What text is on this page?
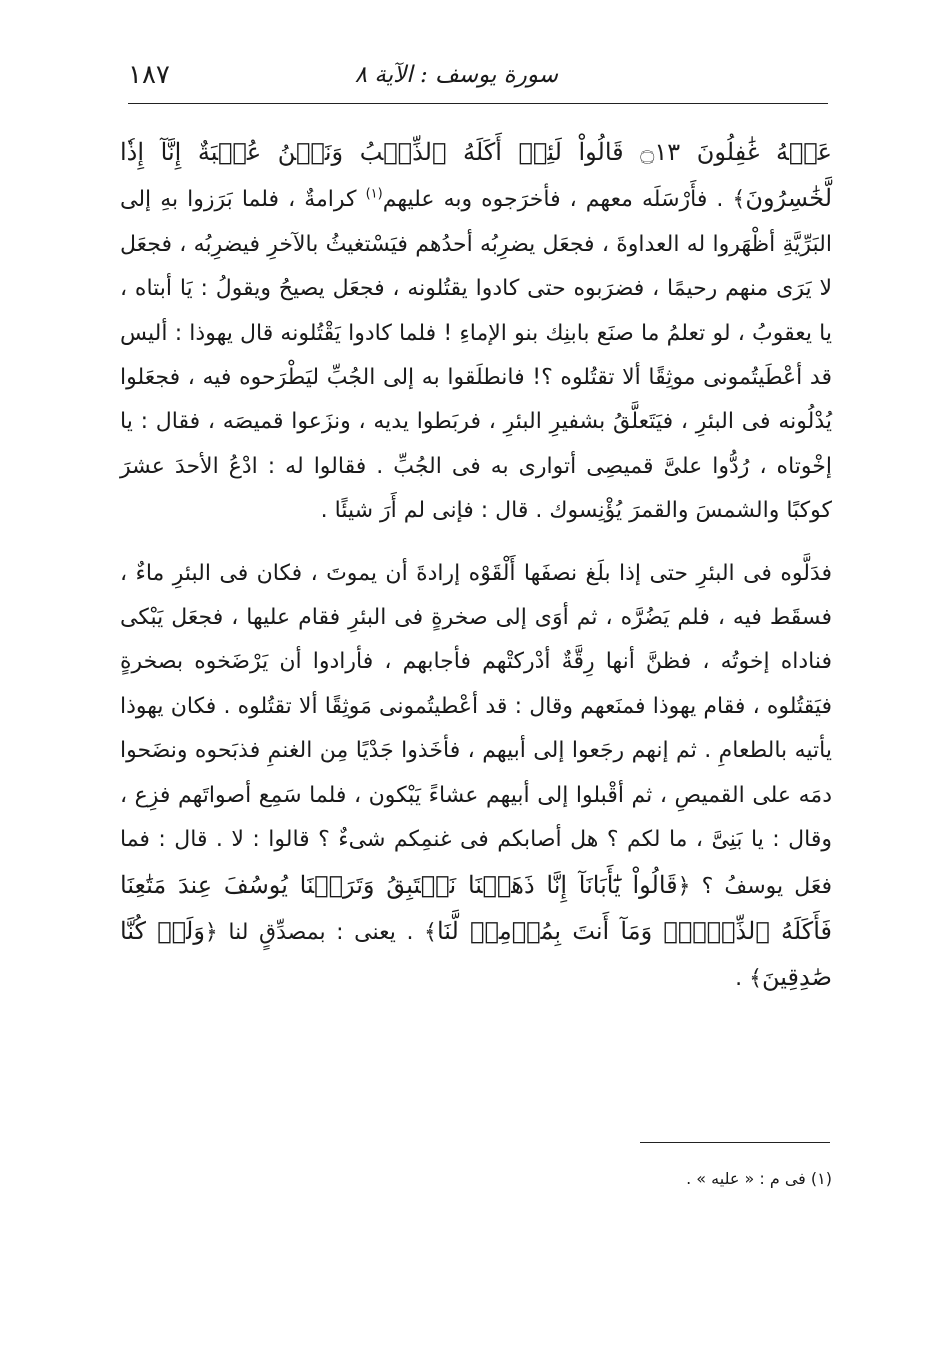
سورة يوسف : الآية ٨
١٨٧

عَنۡهُ غَٰفِلُونَ ۝١٣ قَالُواْ لَئِنۡ أَكَلَهُ ٱلذِّئۡبُ وَنَحۡنُ عُصۡبَةٌ إِنَّآ إِذٗا لَّخَٰسِرُونَ﴾ . فأَرْسَلَه معهم ، فأخرَجوه وبه عليهم$^{(١)}$ كرامةٌ ، فلما بَرَزوا بهِ إلى البَرِّيَّةِ أظْهَروا له العداوةَ ، فجعَل يضرِبُه أحدُهم فيَسْتغيثُ بالآخرِ فيضرِبُه ، فجعَل لا يَرَى منهم رحيمًا ، فضرَبوه حتى كادوا يقتُلونه ، فجعَل يصيحُ ويقولُ : يَا أبتاه ، يا يعقوبُ ، لو تعلمُ ما صنَع بابنِك بنو الإماءِ ! فلما كادوا يَقْتُلونه قال يهوذا : أليس قد أعْطَيتُمونى موثِقًا ألا تقتُلوه ؟! فانطلَقوا به إلى الجُبِّ ليَطْرَحوه فيه ، فجعَلوا يُدْلُونه فى البئرِ ، فيَتَعلَّقُ بشفيرِ البئرِ ، فربَطوا يديه ، ونزَعوا قميصَه ، فقال : يا إخْوتاه ، رُدُّوا علىَّ قميصِى أتوارى به فى الجُبِّ . فقالوا له : ادْعُ الأحدَ عشرَ كوكبًا والشمسَ والقمرَ يُؤْنِسوك . قال : فإنى لم أَرَ شيئًا .

فدَلَّوه فى البئرِ حتى إذا بلَغ نصفَها أَلْقَوْه إرادةَ أن يموتَ ، فكان فى البئرِ ماءٌ ، فسقَط فيه ، فلم يَضُرَّه ، ثم أوَى إلى صخرةٍ فى البئرِ فقام عليها ، فجعَل يَبْكى فناداه إخوتُه ، فظنَّ أنها رِقَّةٌ أدْركتْهم فأجابهم ، فأرادوا أن يَرْضَخوه بصخرةٍ فيَقتُلوه ، فقام يهوذا فمنَعهم وقال : قد أعْطيتُمونى مَوثِقًا ألا تقتُلوه . فكان يهوذا يأتيه بالطعامِ . ثم إنهم رجَعوا إلى أبيهم ، فأخَذوا جَدْيًا مِن الغنمِ فذبَحوه ونضَحوا دمَه على القميصِ ، ثم أقْبلوا إلى أبيهم عشاءً يَبْكون ، فلما سَمِع أصواتَهم فزِع ، وقال : يا بَنِىَّ ، ما لكم ؟ هل أصابكم فى غنمِكم شىءٌ ؟ قالوا : لا . قال : فما فعَل يوسفُ ؟ ﴿قَالُواْ يَٰٓأَبَانَآ إِنَّا ذَهَبۡنَا نَسۡتَبِقُ وَتَرَكۡنَا يُوسُفَ عِندَ مَتَٰعِنَا فَأَكَلَهُ ٱلذِّئۡبُۖ وَمَآ أَنتَ بِمُؤۡمِنٖ لَّنَا﴾ . يعنى : بمصدِّقٍ لنا ﴿وَلَوۡ كُنَّا صَٰدِقِينَ﴾ .

(١) فى م : « عليه » .
